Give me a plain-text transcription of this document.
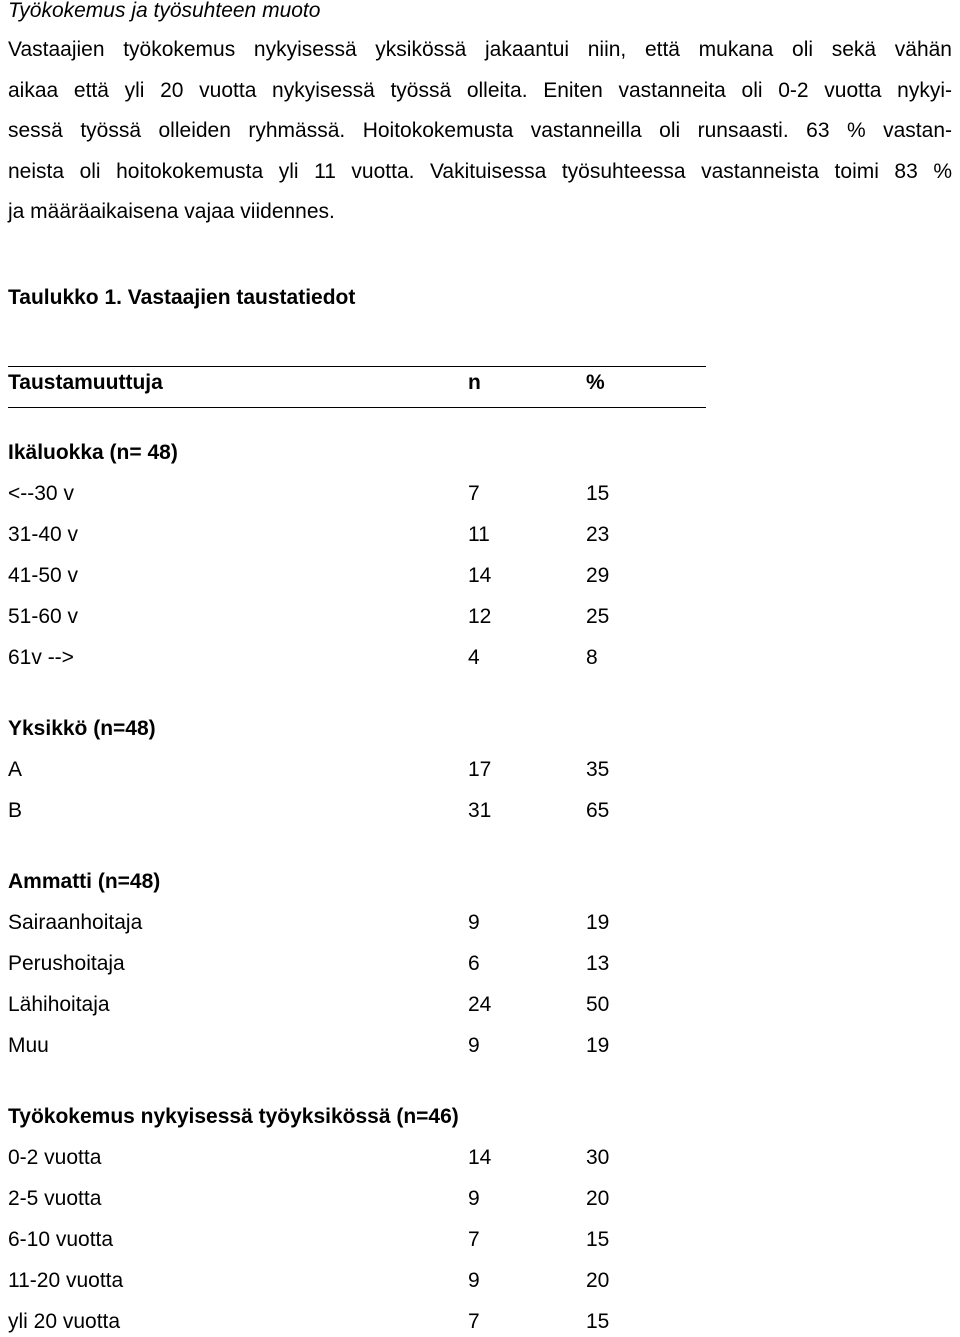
Työkokemus ja työsuhteen muoto
Vastaajien työkokemus nykyisessä yksikössä jakaantui niin, että mukana oli sekä vähän
aikaa että yli 20 vuotta nykyisessä työssä olleita. Eniten vastanneita oli 0-2 vuotta nykyi-
sessä työssä olleiden ryhmässä. Hoitokokemusta vastanneilla oli runsaasti. 63 % vastan-
neista oli hoitokokemusta yli 11 vuotta. Vakituisessa työsuhteessa vastanneista toimi 83 %
ja määräaikaisena vajaa viidennes.
Taulukko 1. Vastaajien taustatiedot
Taustamuuttuja	n	%
Ikäluokka (n= 48)
<--30 v	7	15
31-40 v	11	23
41-50 v	14	29
51-60 v	12	25
61v -->	4	8
Yksikkö (n=48)
A	17	35
B	31	65
Ammatti (n=48)
Sairaanhoitaja	9	19
Perushoitaja	6	13
Lähihoitaja	24	50
Muu	9	19
Työkokemus nykyisessä työyksikössä (n=46)
0-2 vuotta	14	30
2-5 vuotta	9	20
6-10 vuotta	7	15
11-20 vuotta	9	20
yli 20 vuotta	7	15
